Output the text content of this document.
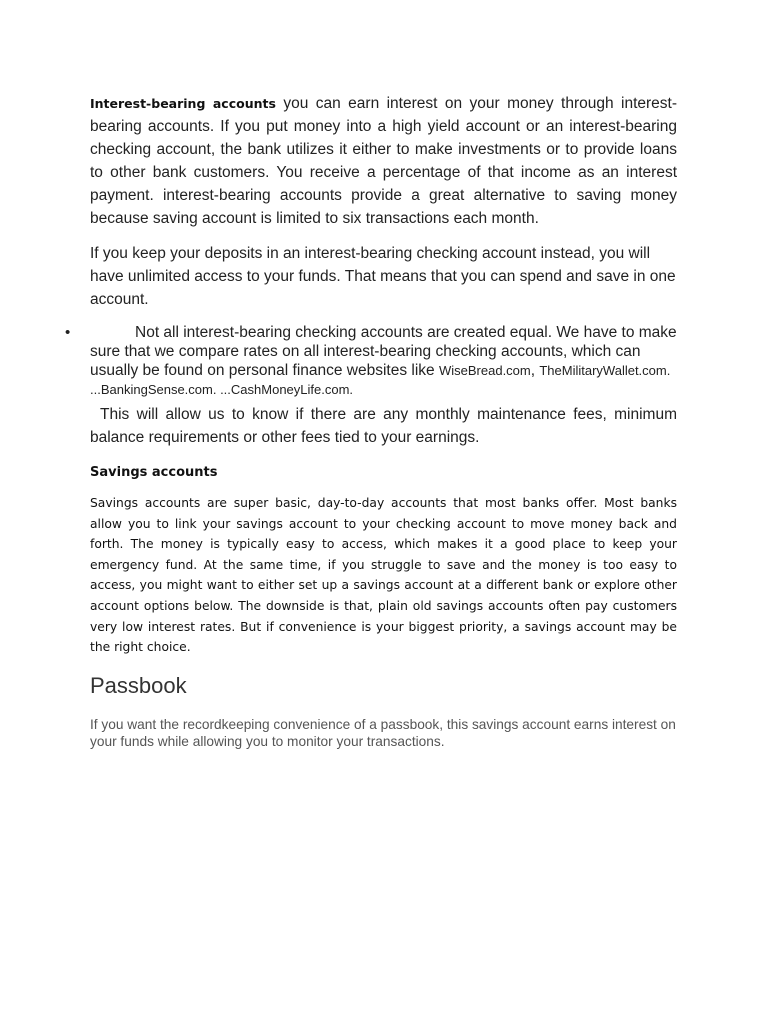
Interest-bearing accounts you can earn interest on your money through interest-bearing accounts. If you put money into a high yield account or an interest-bearing checking account, the bank utilizes it either to make investments or to provide loans to other bank customers. You receive a percentage of that income as an interest payment. interest-bearing accounts provide a great alternative to saving money because saving account is limited to six transactions each month.

If you keep your deposits in an interest-bearing checking account instead, you will have unlimited access to your funds. That means that you can spend and save in one account.

•	Not all interest-bearing checking accounts are created equal. We have to make sure that we compare rates on all interest-bearing checking accounts, which can usually be found on personal finance websites like WiseBread.com, TheMilitaryWallet.com. ...BankingSense.com. ...CashMoneyLife.com.

This will allow us to know if there are any monthly maintenance fees, minimum balance requirements or other fees tied to your earnings.

Savings accounts

Savings accounts are super basic, day-to-day accounts that most banks offer. Most banks allow you to link your savings account to your checking account to move money back and forth. The money is typically easy to access, which makes it a good place to keep your emergency fund. At the same time, if you struggle to save and the money is too easy to access, you might want to either set up a savings account at a different bank or explore other account options below. The downside is that, plain old savings accounts often pay customers very low interest rates. But if convenience is your biggest priority, a savings account may be the right choice.

Passbook

If you want the recordkeeping convenience of a passbook, this savings account earns interest on your funds while allowing you to monitor your transactions.
